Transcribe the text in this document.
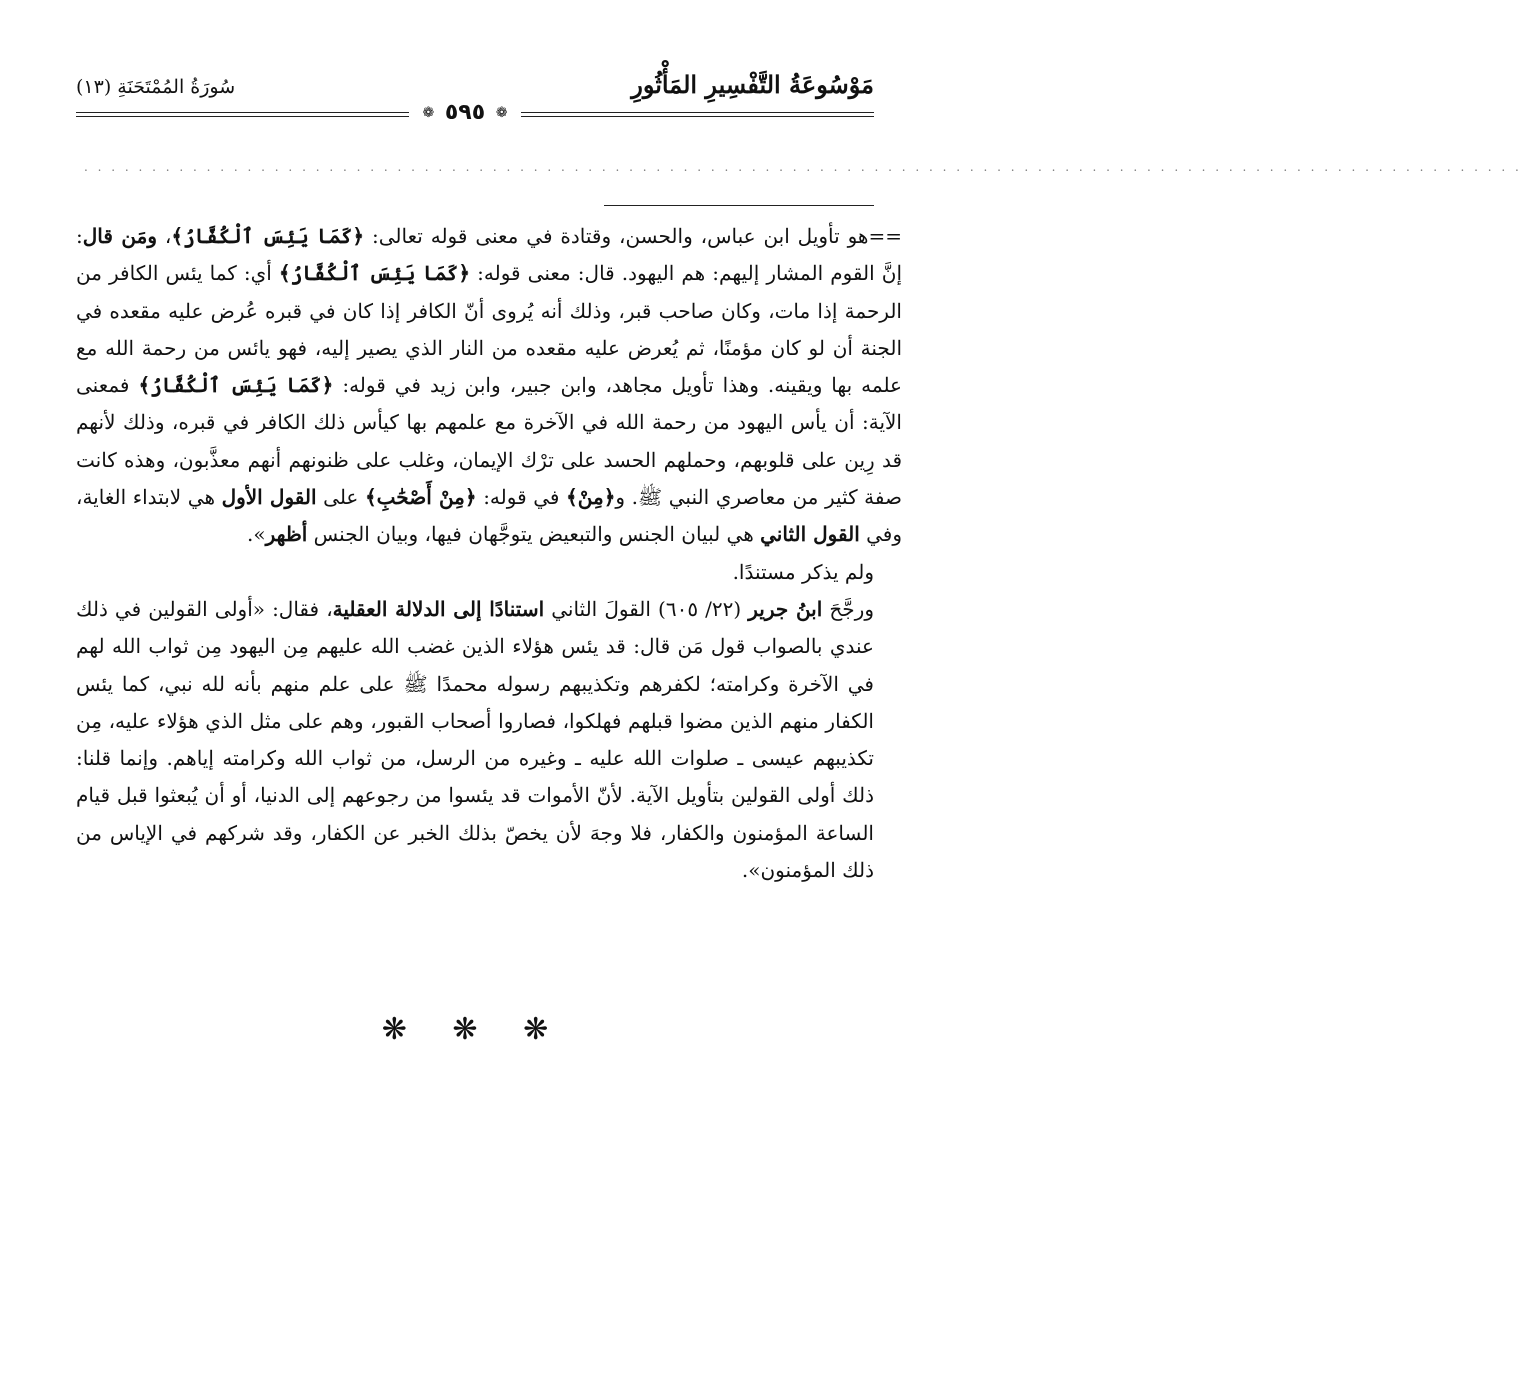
مَوْسُوعَةُ التَّفْسِيرِ المَأْثُورِ
سُورَةُ المُمْتَحَنَةِ (١٣)
❁ ٥٩٥ ❁
. . . . . . . . . . . . . . . . . . . . . . . . . . . . . . . . . . . . . . . . . . . . . . . . . . . . . . . . . . . . . . . . . . . . . . . . . . . . . . . . . . . . . . . . . . . . . . . . . . . . . . . . . .

==هو تأويل ابن عباس، والحسن، وقتادة في معنى قوله تعالى: ﴿كَمَا يَئِسَ ٱلْكُفَّارُ﴾، ومَن قال: إنَّ القوم المشار إليهم: هم اليهود. قال: معنى قوله: ﴿كَمَا يَئِسَ ٱلْكُفَّارُ﴾ أي: كما يئس الكافر من الرحمة إذا مات، وكان صاحب قبر، وذلك أنه يُروى أنّ الكافر إذا كان في قبره عُرض عليه مقعده في الجنة أن لو كان مؤمنًا، ثم يُعرض عليه مقعده من النار الذي يصير إليه، فهو يائس من رحمة الله مع علمه بها ويقينه. وهذا تأويل مجاهد، وابن جبير، وابن زيد في قوله: ﴿كَمَا يَئِسَ ٱلْكُفَّارُ﴾ فمعنى الآية: أن يأس اليهود من رحمة الله في الآخرة مع علمهم بها كيأس ذلك الكافر في قبره، وذلك لأنهم قد رِين على قلوبهم، وحملهم الحسد على ترْك الإيمان، وغلب على ظنونهم أنهم معذَّبون، وهذه كانت صفة كثير من معاصري النبي ﷺ. و﴿مِنْ﴾ في قوله: ﴿مِنْ أَصْحَٰبِ﴾ على القول الأول هي لابتداء الغاية، وفي القول الثاني هي لبيان الجنس والتبعيض يتوجَّهان فيها، وبيان الجنس أظهر».

ولم يذكر مستندًا.

ورجَّحَ ابنُ جرير (٢٢/ ٦٠٥) القولَ الثاني استنادًا إلى الدلالة العقلية، فقال: «أولى القولين في ذلك عندي بالصواب قول مَن قال: قد يئس هؤلاء الذين غضب الله عليهم مِن اليهود مِن ثواب الله لهم في الآخرة وكرامته؛ لكفرهم وتكذيبهم رسوله محمدًا ﷺ على علم منهم بأنه لله نبي، كما يئس الكفار منهم الذين مضوا قبلهم فهلكوا، فصاروا أصحاب القبور، وهم على مثل الذي هؤلاء عليه، مِن تكذيبهم عيسى ـ صلوات الله عليه ـ وغيره من الرسل، من ثواب الله وكرامته إياهم. وإنما قلنا: ذلك أولى القولين بتأويل الآية. لأنّ الأموات قد يئسوا من رجوعهم إلى الدنيا، أو أن يُبعثوا قبل قيام الساعة المؤمنون والكفار، فلا وجهَ لأن يخصّ بذلك الخبر عن الكفار، وقد شركهم في الإياس من ذلك المؤمنون».

❋ ❋ ❋
